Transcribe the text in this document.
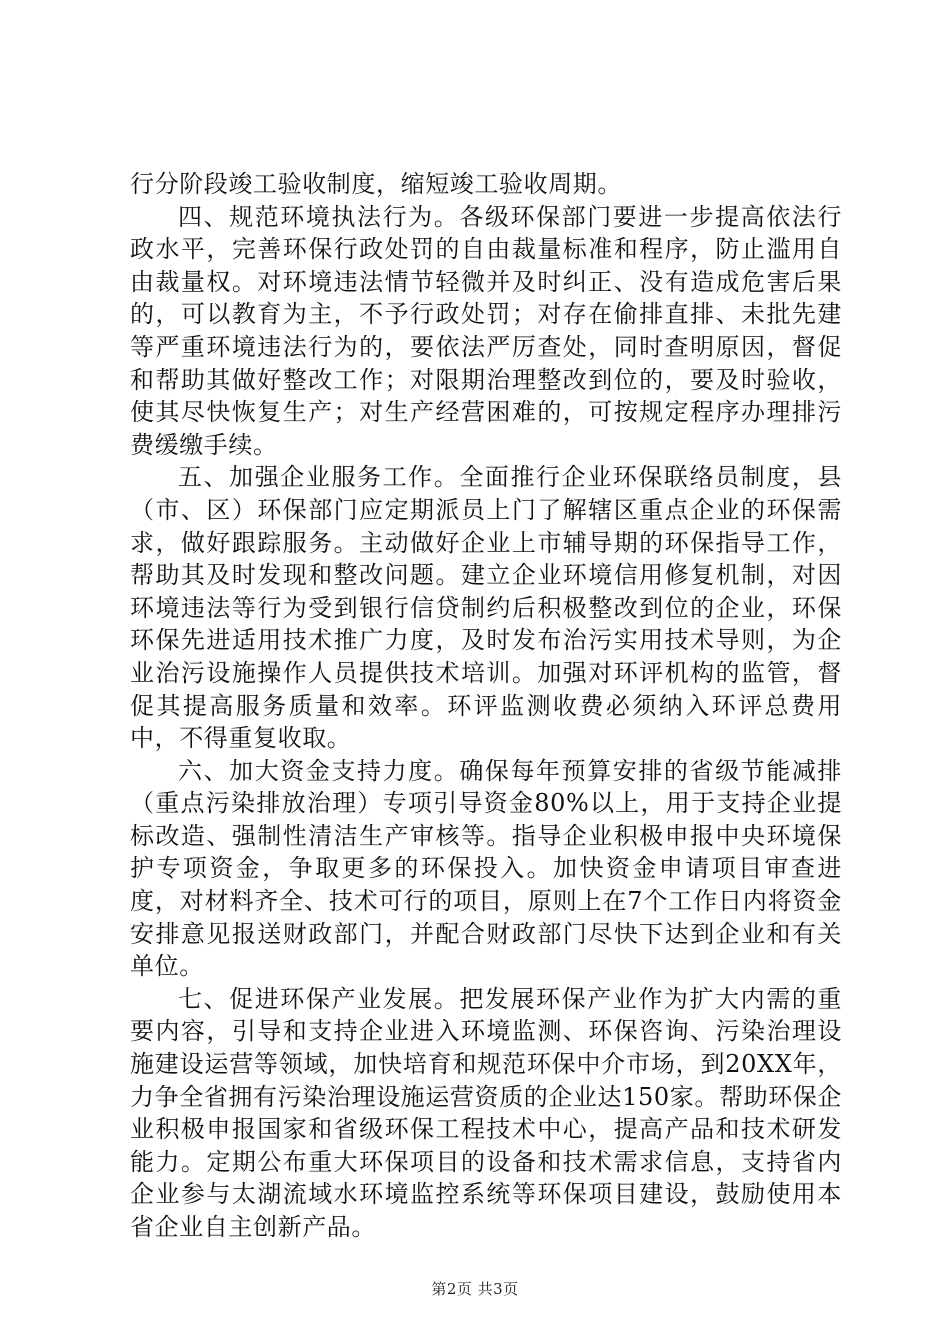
行分阶段竣工验收制度，缩短竣工验收周期。

四、规范环境执法行为。各级环保部门要进一步提高依法行政水平，完善环保行政处罚的自由裁量标准和程序，防止滥用自由裁量权。对环境违法情节轻微并及时纠正、没有造成危害后果的，可以教育为主，不予行政处罚；对存在偷排直排、未批先建等严重环境违法行为的，要依法严厉查处，同时查明原因，督促和帮助其做好整改工作；对限期治理整改到位的，要及时验收，使其尽快恢复生产；对生产经营困难的，可按规定程序办理排污费缓缴手续。

五、加强企业服务工作。全面推行企业环保联络员制度，县（市、区）环保部门应定期派员上门了解辖区重点企业的环保需求，做好跟踪服务。主动做好企业上市辅导期的环保指导工作，帮助其及时发现和整改问题。建立企业环境信用修复机制，对因环境违法等行为受到银行信贷制约后积极整改到位的企业，环保环保先进适用技术推广力度，及时发布治污实用技术导则，为企业治污设施操作人员提供技术培训。加强对环评机构的监管，督促其提高服务质量和效率。环评监测收费必须纳入环评总费用中，不得重复收取。

六、加大资金支持力度。确保每年预算安排的省级节能减排（重点污染排放治理）专项引导资金80%以上，用于支持企业提标改造、强制性清洁生产审核等。指导企业积极申报中央环境保护专项资金，争取更多的环保投入。加快资金申请项目审查进度，对材料齐全、技术可行的项目，原则上在7个工作日内将资金安排意见报送财政部门，并配合财政部门尽快下达到企业和有关单位。

七、促进环保产业发展。把发展环保产业作为扩大内需的重要内容，引导和支持企业进入环境监测、环保咨询、污染治理设施建设运营等领域，加快培育和规范环保中介市场，到20XX年，力争全省拥有污染治理设施运营资质的企业达150家。帮助环保企业积极申报国家和省级环保工程技术中心，提高产品和技术研发能力。定期公布重大环保项目的设备和技术需求信息，支持省内企业参与太湖流域水环境监控系统等环保项目建设，鼓励使用本省企业自主创新产品。

第2页 共3页
